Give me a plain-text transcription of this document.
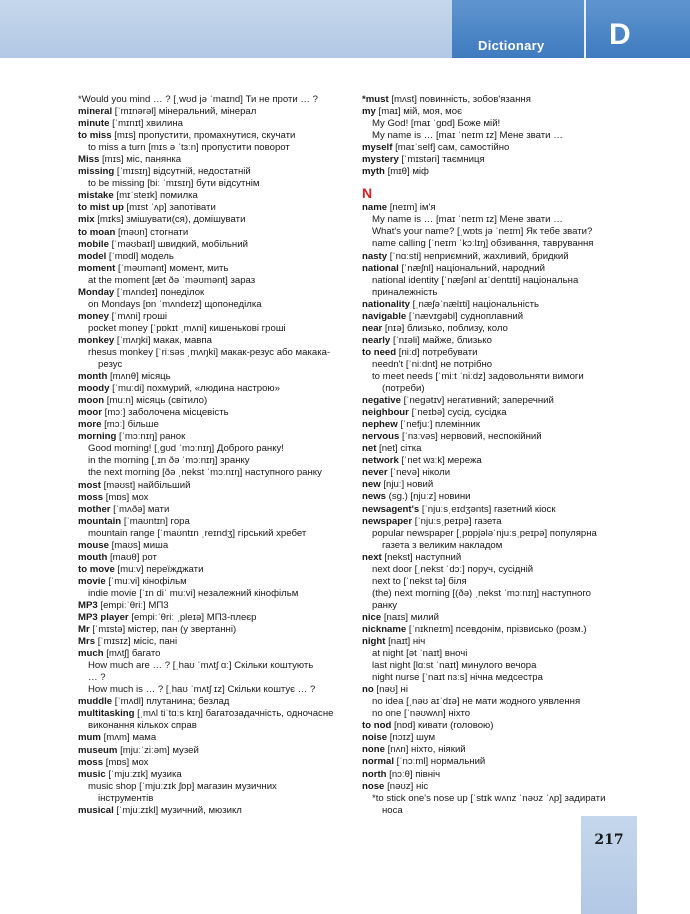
Dictionary D
*Would you mind … ? [ˌwʊd jə ˈmaɪnd] Ти не проти … ?
mineral [ˈmɪnərəl] мінеральний, мінерал
minute [ˈmɪnɪt] хвилина
to miss [mɪs] пропустити, промахнутися, скучати
to miss a turn [mɪs ə ˈtɜːn] пропустити поворот
Miss [mɪs] міс, панянка
missing [ˈmɪsɪŋ] відсутній, недостатній
to be missing [biː ˈmɪsɪŋ] бути відсутнім
mistake [mɪˈsteɪk] помилка
to mist up [mɪst ˈʌp] запотівати
mix [mɪks] змішувати(ся), домішувати
to moan [məʊn] стогнати
mobile [ˈməʊbaɪl] швидкий, мобільний
model [ˈmɒdl] модель
moment [ˈməʊmənt] момент, мить
at the moment [æt ðə ˈməʊmənt] зараз
Monday [ˈmʌndeɪ] понеділок
on Mondays [ɒn ˈmʌndeɪz] щопонеділка
money [ˈmʌni] гроші
pocket money [ˈpɒkɪt ˌmʌni] кишенькові гроші
monkey [ˈmʌŋki] макак, мавпа
rhesus monkey [ˈriːsəs ˌmʌŋki] макак-резус або макака-
резус
month [mʌnθ] місяць
moody [ˈmuːdi] похмурий, «людина настрою»
moon [muːn] місяць (світило)
moor [mɔː] заболочена місцевість
more [mɔː] більше
morning [ˈmɔːnɪŋ] ранок
Good morning! [ˌɡʊd ˈmɔːnɪŋ] Доброго ранку!
in the morning [ˌɪn ðə ˈmɔːnɪŋ] зранку
the next morning [ðə ˌnekst ˈmɔːnɪŋ] наступного ранку
most [məʊst] найбільший
moss [mɒs] мох
mother [ˈmʌðə] мати
mountain [ˈmaʊntɪn] гора
mountain range [ˈmaʊntɪn ˌreɪndʒ] гірський хребет
mouse [maʊs] миша
mouth [maʊθ] рот
to move [muːv] переїжджати
movie [ˈmuːvi] кінофільм
indie movie [ˈɪn diˈ muːvi] незалежний кінофільм
MP3 [empiːˈθriː] МП3
MP3 player [empiːˈθriː ˌpleɪə] МП3-плеєр
Mr [ˈmɪstə] містер, пан (у звертанні)
Mrs [ˈmɪsɪz] місіс, пані
much [mʌtʃ] багато
How much are … ? [ˌhaʊ ˈmʌtʃ ɑː] Скільки коштують
… ?
How much is … ? [ˌhaʊ ˈmʌtʃ ɪz] Скільки коштує … ?
muddle [ˈmʌdl] плутанина; безлад
multitasking [ˌmʌl tiˈtɑːs kɪŋ] багатозадачність, одночасне
виконання кількох справ
mum [mʌm] мама
museum [mjuːˈziːəm] музей
moss [mɒs] мох
music [ˈmjuːzɪk] музика
music shop [ˈmjuːzɪk ʃɒp] магазин музичних
інструментів
musical [ˈmjuːzɪkl] музичний, мюзикл
*must [mʌst] повинність, зобов'язання
my [maɪ] мій, моя, моє
My God! [maɪ ˈɡɒd] Боже мій!
My name is … [maɪ ˈneɪm ɪz] Мене звати …
myself [maɪˈself] сам, самостійно
mystery [ˈmɪstəri] таємниця
myth [mɪθ] міф
N
name [neɪm] ім'я
My name is … [maɪ ˈneɪm ɪz] Мене звати …
What's your name? [ˌwɒts jə ˈneɪm] Як тебе звати?
name calling [ˈneɪm ˈkɔːlɪŋ] обзивання, таврування
nasty [ˈnɑːsti] неприємний, жахливий, бридкий
national [ˈnæʃnl] національний, народний
national identity [ˈnæʃənl aɪˈdentɪti] національна
приналежність
nationality [ˌnæʃəˈnælɪti] національність
navigable [ˈnævɪɡəbl] судноплавний
near [nɪə] близько, поблизу, коло
nearly [ˈnɪəli] майже, близько
to need [niːd] потребувати
needn't [ˈniːdnt] не потрібно
to meet needs [ˈmiːt ˈniːdz] задовольняти вимоги
(потреби)
negative [ˈneɡətɪv] негативний; заперечний
neighbour [ˈneɪbə] сусід, сусідка
nephew [ˈnefjuː] племінник
nervous [ˈnɜːvəs] нервовий, неспокійний
net [net] сітка
network [ˈnet wɜːk] мережа
never [ˈnevə] ніколи
new [njuː] новий
news (sg.) [njuːz] новини
newsagent's [ˈnjuːsˌeɪdʒənts] газетний кіоск
newspaper [ˈnjuːsˌpeɪpə] газета
popular newspaper [ˌpɒpjələˈnjuːsˌpeɪpə] популярна
газета з великим накладом
next [nekst] наступний
next door [ˌnekst ˈdɔː] поруч, сусідній
next to [ˈnekst tə] біля
(the) next morning [(ðə) ˌnekst ˈmɔːnɪŋ] наступного
ранку
nice [naɪs] милий
nickname [ˈnɪkneɪm] псевдонім, прізвисько (розм.)
night [naɪt] ніч
at night [ət ˈnaɪt] вночі
last night [lɑːst ˈnaɪt] минулого вечора
night nurse [ˈnaɪt nɜːs] нічна медсестра
no [nəʊ] ні
no idea [ˌnəʊ aɪˈdɪə] не мати жодного уявлення
no one [ˈnəʊwʌn] ніхто
to nod [nɒd] кивати (головою)
noise [nɔɪz] шум
none [nʌn] ніхто, ніякий
normal [ˈnɔːml] нормальний
north [nɔːθ] північ
nose [nəʊz] ніс
*to stick one's nose up [ˈstɪk wʌnz ˈnəʊz ˈʌp] задирати
носа
217
